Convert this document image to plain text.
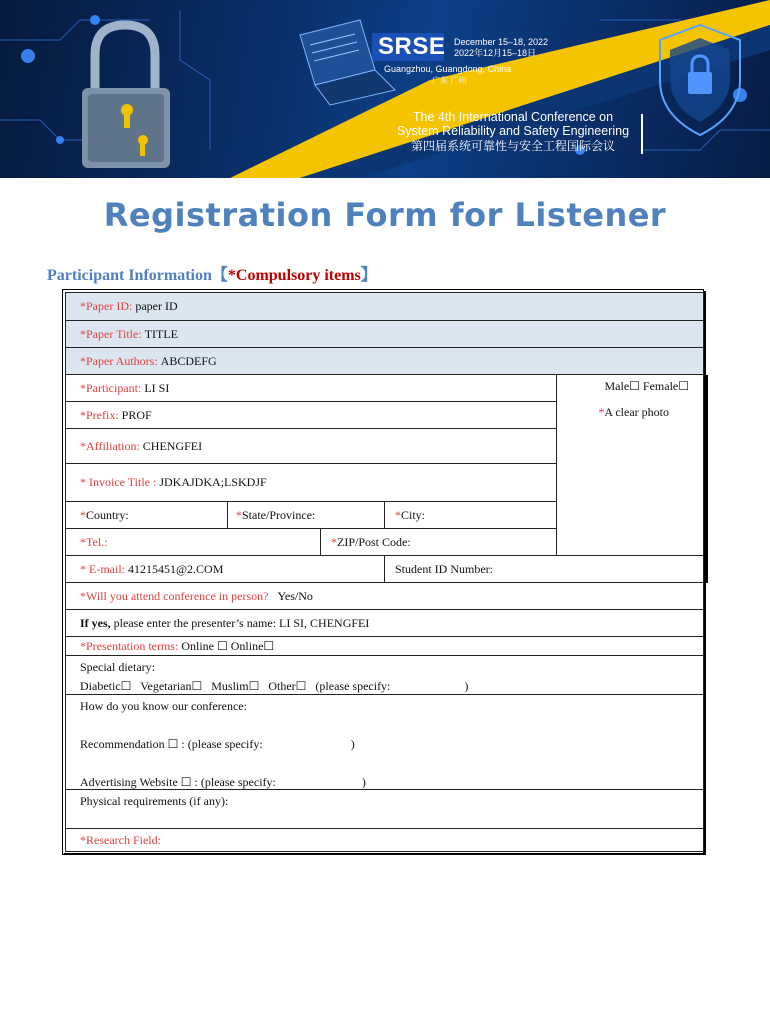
SRSE December 15–18, 2022
2022年12月15–18日
Guangzhou, Guangdong, China
广东 广州
The 4th International Conference on
System Reliability and Safety Engineering
第四届系统可靠性与安全工程国际会议
Registration Form for Listener
Participant Information【*Compulsory items】
*Paper ID:
paper ID
*Paper Title:
TITLE
*Paper Authors:
ABCDEFG
*Participant:
LI SI	Male☐ Female☐
*A clear photo
*Prefix:
PROF
*Affiliation:
CHENGFEI
* Invoice Title :
JDKAJDKA;LSKDJF
* Country:	* State/Province:	* City:
*Tel.:	* ZIP/Post Code:
* E-mail:
41215451@2.COM	Student ID Number:
*Will you attend conference in person?
Yes/No
If yes,
please enter the presenter’s name:
LI SI, CHENGFEI
*Presentation terms:
Online ☐ Online☐
Special dietary:
Diabetic☐   Vegetarian☐   Muslim☐   Other☐   (please specify:	)
How do you know our conference:
Recommendation ☐ : (please specify:	)
Advertising Website ☐ : (please specify:	)
Physical requirements (if any):
*Research Field:
